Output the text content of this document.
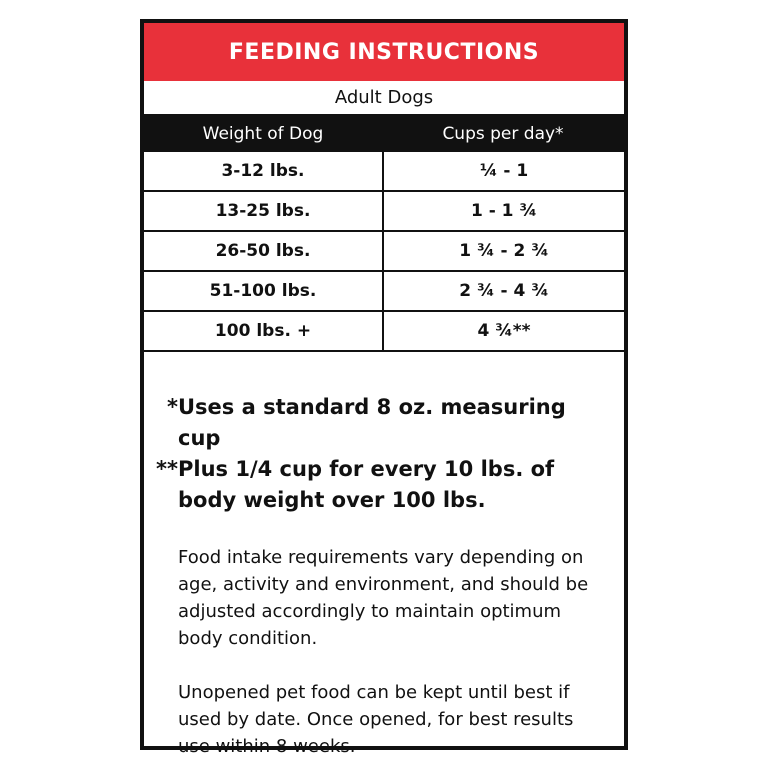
FEEDING INSTRUCTIONS
Adult Dogs
Weight of Dog	Cups per day*
3-12 lbs.	¼ - 1
13-25 lbs.	1 - 1 ¾
26-50 lbs.	1 ¾ - 2 ¾
51-100 lbs.	2 ¾ - 4 ¾
100 lbs. +	4 ¾**
* Uses a standard 8 oz. measuring cup
** Plus 1/4 cup for every 10 lbs. of body weight over 100 lbs.
Food intake requirements vary depending on age, activity and environment, and should be adjusted accordingly to maintain optimum body condition.
Unopened pet food can be kept until best if used by date. Once opened, for best results use within 8 weeks.
